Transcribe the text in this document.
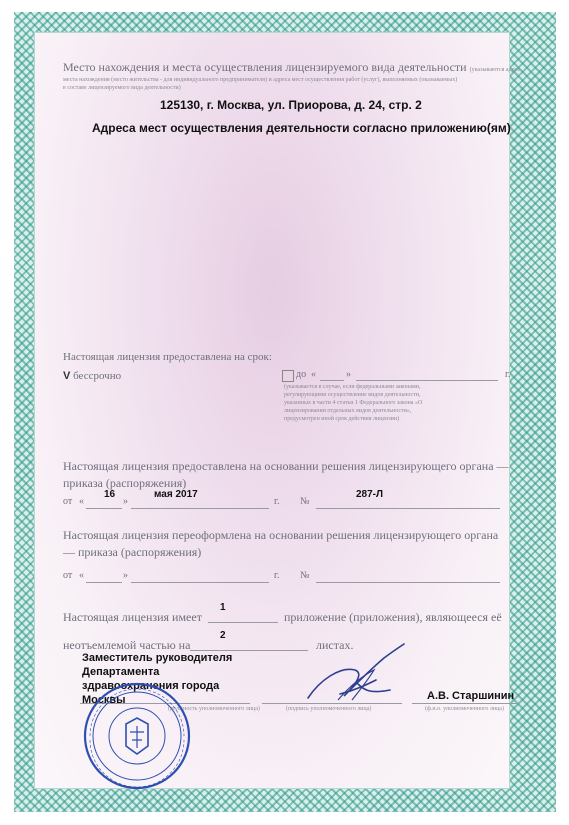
Место нахождения и места осуществления лицензируемого вида деятельности (указываются адрес
места нахождения (место жительства - для индивидуального предпринимателя) и адреса мест осуществления работ (услуг), выполняемых (оказываемых)
в составе лицензируемого вида деятельности)
125130, г. Москва, ул. Приорова, д. 24, стр. 2
Адреса мест осуществления деятельности согласно приложению(ям)
Настоящая лицензия предоставлена на срок:
V бессрочно	до «	»	г.
(указывается в случае, если федеральными законами, регулирующими осуществление видов деятельности, указанных в части 4 статьи 1 Федерального закона «О лицензировании отдельных видов деятельности», предусмотрен иной срок действия лицензии)
Настоящая лицензия предоставлена на основании решения лицензирующего органа — приказа (распоряжения)
от «
16
»
мая 2017
г. №
287-Л
Настоящая лицензия переоформлена на основании решения лицензирующего органа — приказа (распоряжения)
от «	»	г. №
Настоящая лицензия имеет
1
приложение (приложения), являющееся её
неотъемлемой частью на
2
листах.
Заместитель руководителя
Департамента
здравоохранения города
Москвы
(должность уполномоченного лица)	(подпись уполномоченного лица)
А.В. Старшинин
(ф.и.о. уполномоченного лица)
